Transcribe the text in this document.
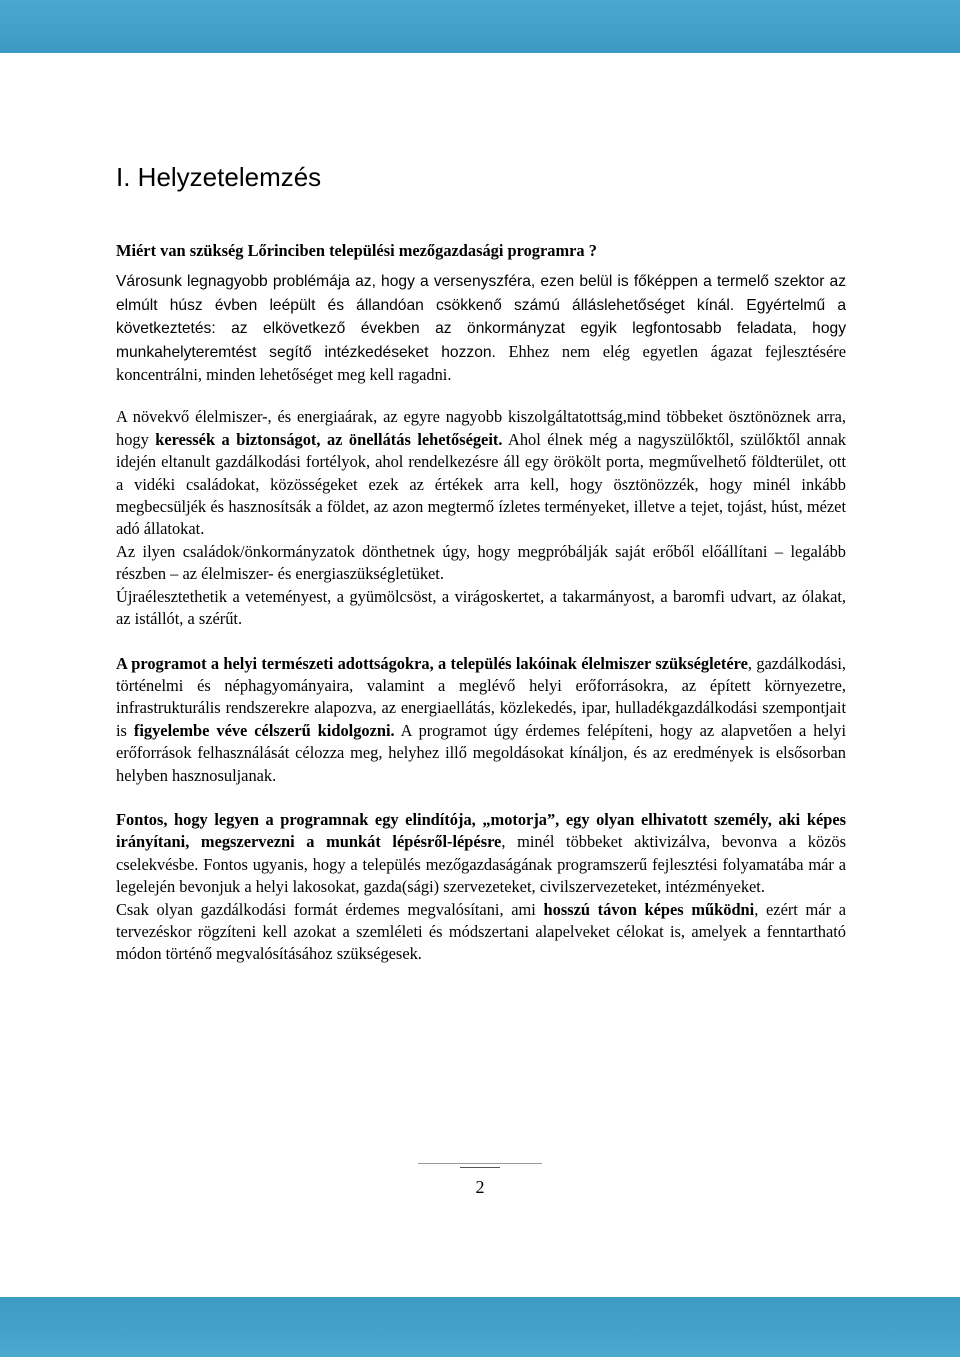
I. Helyzetelemzés

Miért van szükség Lőrinciben települési mezőgazdasági programra ?

Városunk legnagyobb problémája az, hogy a versenyszféra, ezen belül is főképpen a termelő szektor az elmúlt húsz évben leépült és állandóan csökkenő számú álláslehetőséget kínál. Egyértelmű a következtetés: az elkövetkező években az önkormányzat egyik legfontosabb feladata, hogy munkahelyteremtést segítő intézkedéseket hozzon. Ehhez nem elég egyetlen ágazat fejlesztésére koncentrálni, minden lehetőséget meg kell ragadni.

A növekvő élelmiszer-, és energiaárak, az egyre nagyobb kiszolgáltatottság,mind többeket ösztönöznek arra, hogy keressék a biztonságot, az önellátás lehetőségeit. Ahol élnek még a nagyszülőktől, szülőktől annak idején eltanult gazdálkodási fortélyok, ahol rendelkezésre áll egy örökölt porta, megművelhető földterület, ott a vidéki családokat, közösségeket ezek az értékek arra kell, hogy ösztönözzék, hogy minél inkább megbecsüljék és hasznosítsák a földet, az azon megtermő ízletes terményeket, illetve a tejet, tojást, húst, mézet adó állatokat.

Az ilyen családok/önkormányzatok dönthetnek úgy, hogy megpróbálják saját erőből előállítani – legalább részben – az élelmiszer- és energiaszükségletüket.

Újraélesztethetik a veteményest, a gyümölcsöst, a virágoskertet, a takarmányost, a baromfi udvart, az ólakat, az istállót, a szérűt.

A programot a helyi természeti adottságokra, a település lakóinak élelmiszer szükségletére, gazdálkodási, történelmi és néphagyományaira, valamint a meglévő helyi erőforrásokra, az épített környezetre, infrastrukturális rendszerekre alapozva, az energiaellátás, közlekedés, ipar, hulladékgazdálkodási szempontjait is figyelembe véve célszerű kidolgozni. A programot úgy érdemes felépíteni, hogy az alapvetően a helyi erőforrások felhasználását célozza meg, helyhez illő megoldásokat kínáljon, és az eredmények is elsősorban helyben hasznosuljanak.

Fontos, hogy legyen a programnak egy elindítója, „motorja”, egy olyan elhivatott személy, aki képes irányítani, megszervezni a munkát lépésről-lépésre, minél többeket aktivizálva, bevonva a közös cselekvésbe. Fontos ugyanis, hogy a település mezőgazdaságának programszerű fejlesztési folyamatába már a legelején bevonjuk a helyi lakosokat, gazda(sági) szervezeteket, civilszervezeteket, intézményeket.

Csak olyan gazdálkodási formát érdemes megvalósítani, ami hosszú távon képes működni, ezért már a tervezéskor rögzíteni kell azokat a szemléleti és módszertani alapelveket célokat is, amelyek a fenntartható módon történő megvalósításához szükségesek.

2
